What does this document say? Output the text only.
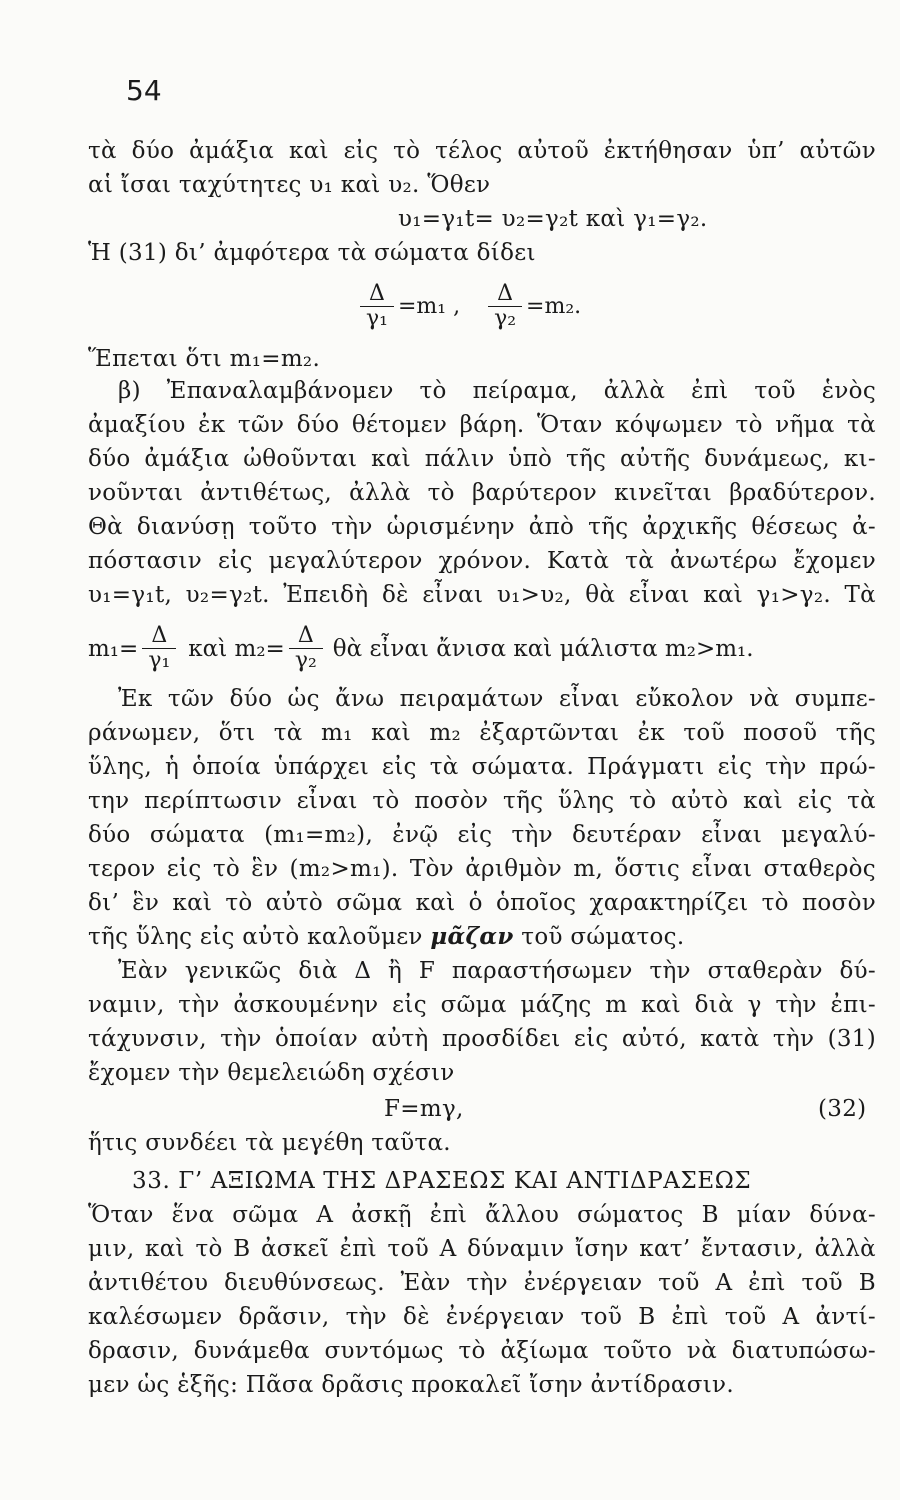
54
τὰ δύο ἀμάξια καὶ εἰς τὸ τέλος αὐτοῦ ἐκτήθησαν ὑπ’ αὐτῶν
αἱ ἴσαι ταχύτητες υ₁ καὶ υ₂. Ὅθεν
υ₁=γ₁t= υ₂=γ₂t καὶ γ₁=γ₂.
Ἡ (31) δι’ ἀμφότερα τὰ σώματα δίδει
$\frac{\Delta}{\text{γ₁}} =m_1$ , $\frac{\Delta}{\text{γ₂}} =m_2$.
Ἕπεται ὅτι m₁=m₂.
β) Ἐπαναλαμβάνομεν τὸ πείραμα, ἀλλὰ ἐπὶ τοῦ ἑνὸς
ἀμαξίου ἐκ τῶν δύο θέτομεν βάρη. Ὅταν κόψωμεν τὸ νῆμα τὰ
δύο ἀμάξια ὠθοῦνται καὶ πάλιν ὑπὸ τῆς αὐτῆς δυνάμεως, κι-
νοῦνται ἀντιθέτως, ἀλλὰ τὸ βαρύτερον κινεῖται βραδύτερον.
Θὰ διανύσῃ τοῦτο τὴν ὡρισμένην ἀπὸ τῆς ἀρχικῆς θέσεως ἀ-
πόστασιν εἰς μεγαλύτερον χρόνον. Κατὰ τὰ ἀνωτέρω ἔχομεν
υ₁=γ₁t, υ₂=γ₂t. Ἐπειδὴ δὲ εἶναι υ₁>υ₂, θὰ εἶναι καὶ γ₁>γ₂. Τὰ
$m_1= \frac{\Delta}{\text{γ₁}}$ καὶ $m_2= \frac{\Delta}{\text{γ₂}}$ θὰ εἶναι ἄνισα καὶ μάλιστα m₂>m₁.
Ἐκ τῶν δύο ὡς ἄνω πειραμάτων εἶναι εὔκολον νὰ συμπε-
ράνωμεν, ὅτι τὰ m₁ καὶ m₂ ἐξαρτῶνται ἐκ τοῦ ποσοῦ τῆς
ὕλης, ἡ ὁποία ὑπάρχει εἰς τὰ σώματα. Πράγματι εἰς τὴν πρώ-
την περίπτωσιν εἶναι τὸ ποσὸν τῆς ὕλης τὸ αὐτὸ καὶ εἰς τὰ
δύο σώματα (m₁=m₂), ἐνῷ εἰς τὴν δευτέραν εἶναι μεγαλύ-
τερον εἰς τὸ ἓν (m₂>m₁). Τὸν ἀριθμὸν m, ὅστις εἶναι σταθερὸς
δι’ ἓν καὶ τὸ αὐτὸ σῶμα καὶ ὁ ὁποῖος χαρακτηρίζει τὸ ποσὸν
τῆς ὕλης εἰς αὐτὸ καλοῦμεν μᾶζαν τοῦ σώματος.
Ἐὰν γενικῶς διὰ Δ ἢ F παραστήσωμεν τὴν σταθερὰν δύ-
ναμιν, τὴν ἀσκουμένην εἰς σῶμα μάζης m καὶ διὰ γ τὴν ἐπι-
τάχυνσιν, τὴν ὁποίαν αὐτὴ προσδίδει εἰς αὐτό, κατὰ τὴν (31)
ἔχομεν τὴν θεμελειώδη σχέσιν
F=mγ,	(32)
ἥτις συνδέει τὰ μεγέθη ταῦτα.
33. Γ’ ΑΞΙΩΜΑ ΤΗΣ ΔΡΑΣΕΩΣ ΚΑΙ ΑΝΤΙΔΡΑΣΕΩΣ
Ὅταν ἕνα σῶμα Α ἀσκῇ ἐπὶ ἄλλου σώματος Β μίαν δύνα-
μιν, καὶ τὸ Β ἀσκεῖ ἐπὶ τοῦ Α δύναμιν ἴσην κατ’ ἔντασιν, ἀλλὰ
ἀντιθέτου διευθύνσεως. Ἐὰν τὴν ἐνέργειαν τοῦ Α ἐπὶ τοῦ Β
καλέσωμεν δρᾶσιν, τὴν δὲ ἐνέργειαν τοῦ Β ἐπὶ τοῦ Α ἀντί-
δρασιν, δυνάμεθα συντόμως τὸ ἀξίωμα τοῦτο νὰ διατυπώσω-
μεν ὡς ἑξῆς: Πᾶσα δρᾶσις προκαλεῖ ἴσην ἀντίδρασιν.
